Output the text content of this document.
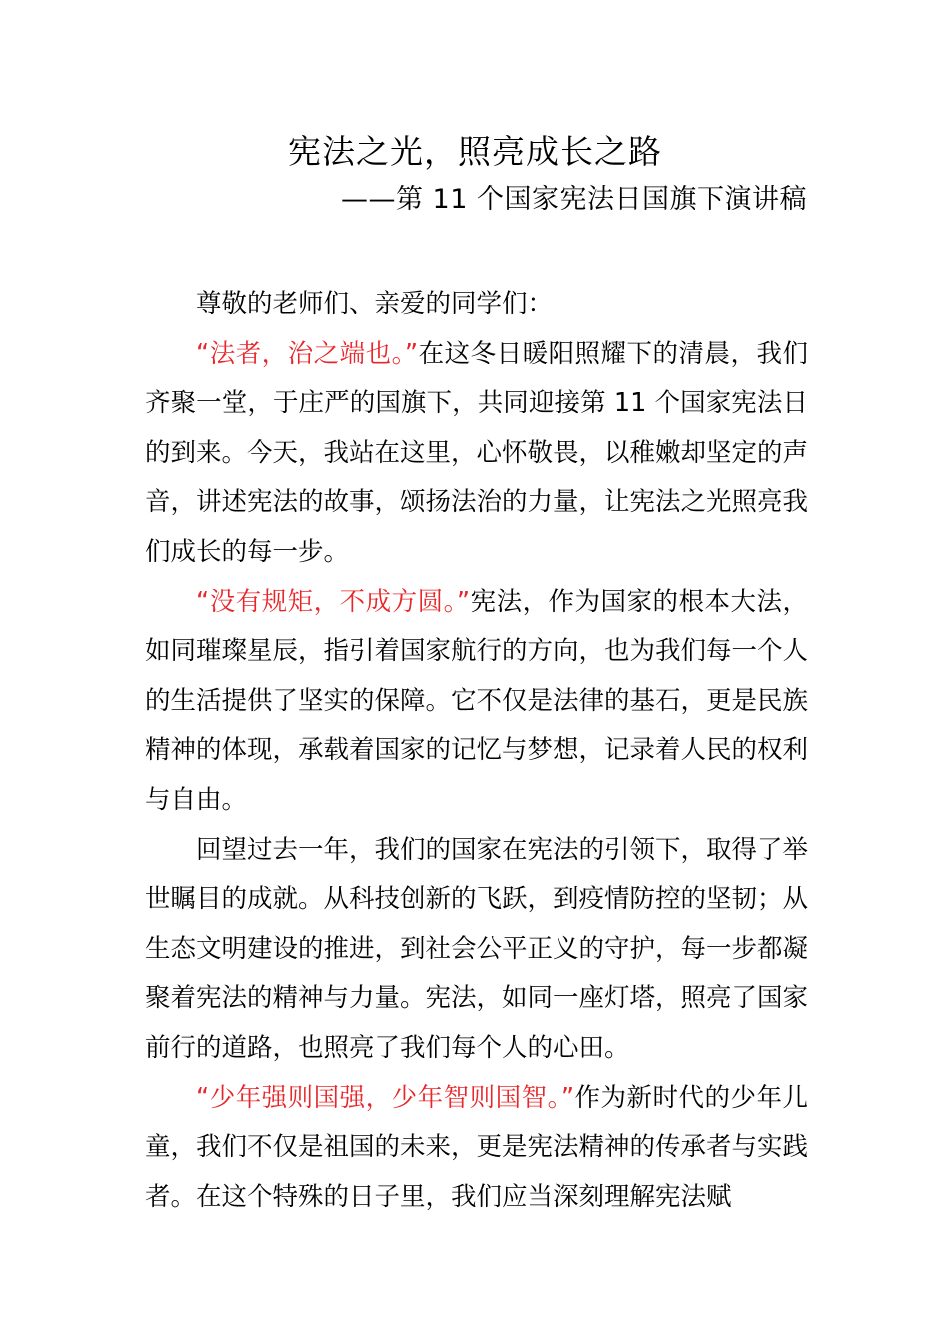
宪法之光，照亮成长之路
——第 11 个国家宪法日国旗下演讲稿

尊敬的老师们、亲爱的同学们：

“法者，治之端也。”在这冬日暖阳照耀下的清晨，我们齐聚一堂，于庄严的国旗下，共同迎接第 11 个国家宪法日的到来。今天，我站在这里，心怀敬畏，以稚嫩却坚定的声音，讲述宪法的故事，颂扬法治的力量，让宪法之光照亮我们成长的每一步。

“没有规矩，不成方圆。”宪法，作为国家的根本大法，如同璀璨星辰，指引着国家航行的方向，也为我们每一个人的生活提供了坚实的保障。它不仅是法律的基石，更是民族精神的体现，承载着国家的记忆与梦想，记录着人民的权利与自由。

回望过去一年，我们的国家在宪法的引领下，取得了举世瞩目的成就。从科技创新的飞跃，到疫情防控的坚韧；从生态文明建设的推进，到社会公平正义的守护，每一步都凝聚着宪法的精神与力量。宪法，如同一座灯塔，照亮了国家前行的道路，也照亮了我们每个人的心田。

“少年强则国强，少年智则国智。”作为新时代的少年儿童，我们不仅是祖国的未来，更是宪法精神的传承者与实践者。在这个特殊的日子里，我们应当深刻理解宪法赋
